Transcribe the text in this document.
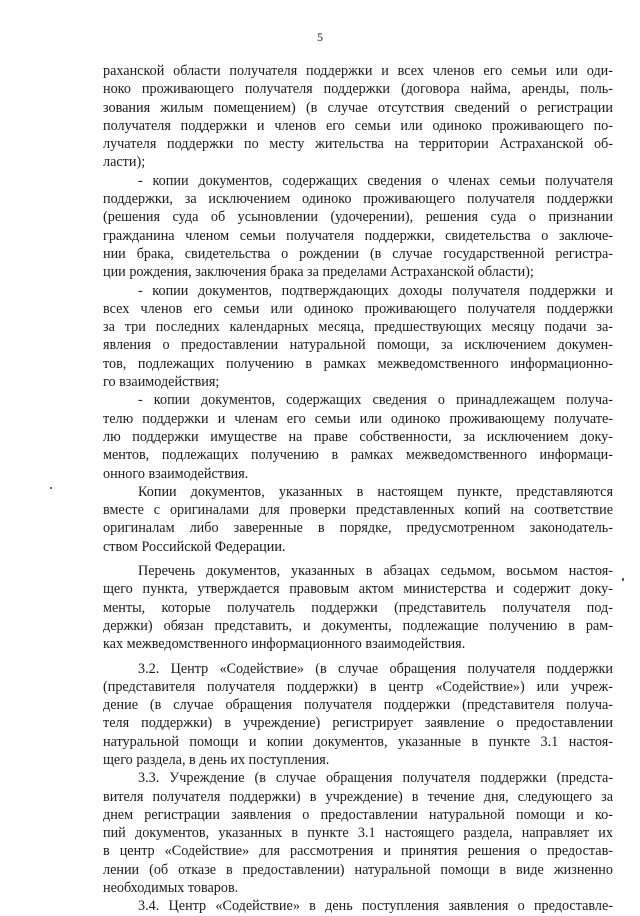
5
раханской области получателя поддержки и всех членов его семьи или оди-
ноко проживающего получателя поддержки (договора найма, аренды, поль-
зования жилым помещением) (в случае отсутствия сведений о регистрации
получателя поддержки и членов его семьи или одиноко проживающего по-
лучателя поддержки по месту жительства на территории Астраханской об-
ласти);
- копии документов, содержащих сведения о членах семьи получателя
поддержки, за исключением одиноко проживающего получателя поддержки
(решения суда об усыновлении (удочерении), решения суда о признании
гражданина членом семьи получателя поддержки, свидетельства о заключе-
нии брака, свидетельства о рождении (в случае государственной регистра-
ции рождения, заключения брака за пределами Астраханской области);
- копии документов, подтверждающих доходы получателя поддержки и
всех членов его семьи или одиноко проживающего получателя поддержки
за три последних календарных месяца, предшествующих месяцу подачи за-
явления о предоставлении натуральной помощи, за исключением докумен-
тов, подлежащих получению в рамках межведомственного информационно-
го взаимодействия;
- копии документов, содержащих сведения о принадлежащем получа-
телю поддержки и членам его семьи или одиноко проживающему получате-
лю поддержки имуществе на праве собственности, за исключением доку-
ментов, подлежащих получению в рамках межведомственного информаци-
онного взаимодействия.
Копии документов, указанных в настоящем пункте, представляются
вместе с оригиналами для проверки представленных копий на соответствие
оригиналам либо заверенные в порядке, предусмотренном законодатель-
ством Российской Федерации.
Перечень документов, указанных в абзацах седьмом, восьмом настоя-
щего пункта, утверждается правовым актом министерства и содержит доку-
менты, которые получатель поддержки (представитель получателя под-
держки) обязан представить, и документы, подлежащие получению в рам-
ках межведомственного информационного взаимодействия.
3.2. Центр «Содействие» (в случае обращения получателя поддержки
(представителя получателя поддержки) в центр «Содействие») или учреж-
дение (в случае обращения получателя поддержки (представителя получа-
теля поддержки) в учреждение) регистрирует заявление о предоставлении
натуральной помощи и копии документов, указанные в пункте 3.1 настоя-
щего раздела, в день их поступления.
3.3. Учреждение (в случае обращения получателя поддержки (предста-
вителя получателя поддержки) в учреждение) в течение дня, следующего за
днем регистрации заявления о предоставлении натуральной помощи и ко-
пий документов, указанных в пункте 3.1 настоящего раздела, направляет их
в центр «Содействие» для рассмотрения и принятия решения о предостав-
лении (об отказе в предоставлении) натуральной помощи в виде жизненно
необходимых товаров.
3.4. Центр «Содействие» в день поступления заявления о предоставле-
